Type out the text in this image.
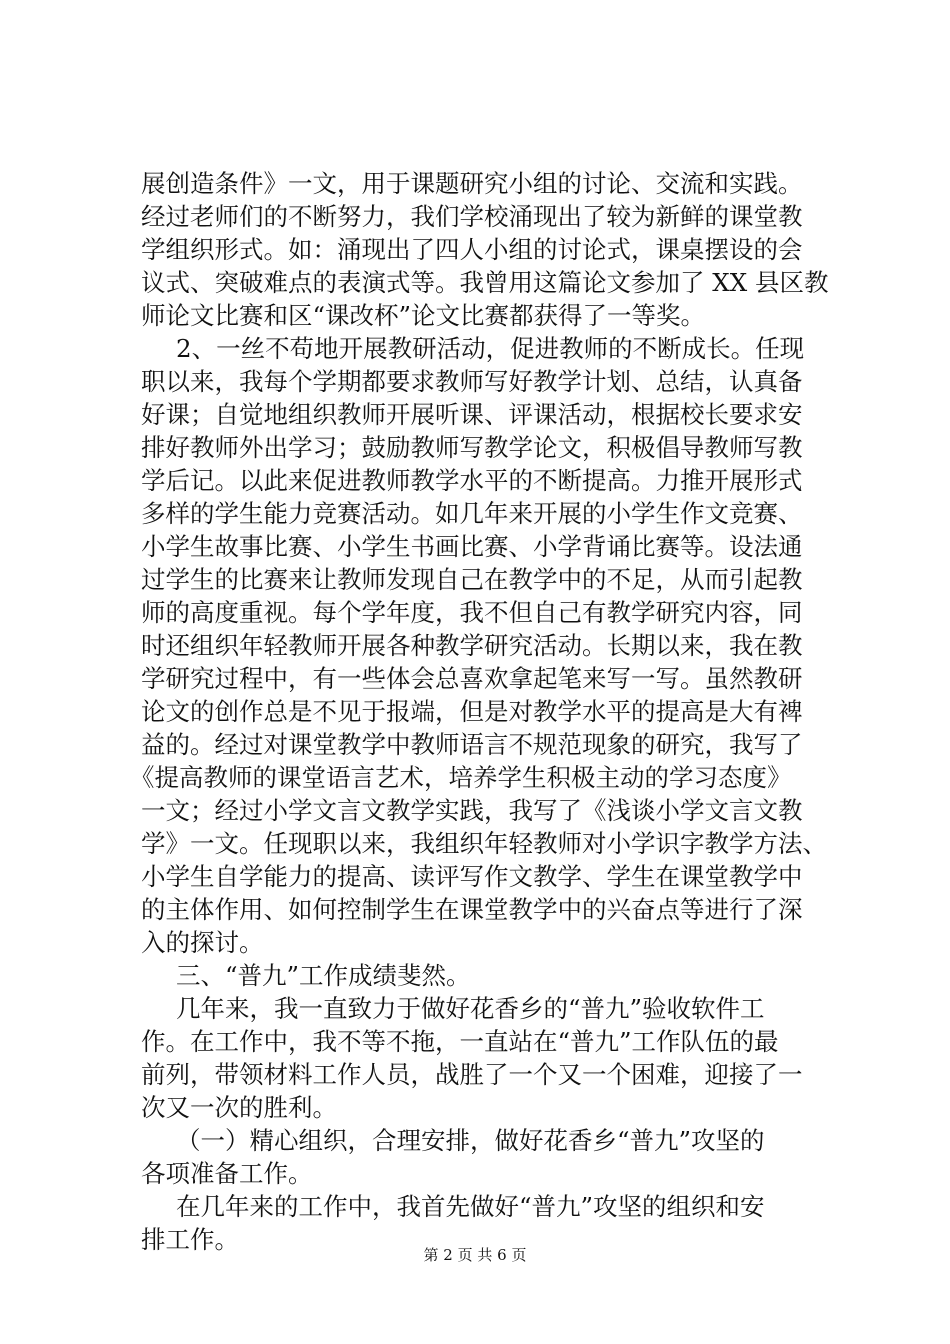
展创造条件》一文，用于课题研究小组的讨论、交流和实践。
经过老师们的不断努力，我们学校涌现出了较为新鲜的课堂教
学组织形式。如：涌现出了四人小组的讨论式，课桌摆设的会
议式、突破难点的表演式等。我曾用这篇论文参加了 XX 县区教
师论文比赛和区“课改杯”论文比赛都获得了一等奖。
2、一丝不苟地开展教研活动，促进教师的不断成长。任现
职以来，我每个学期都要求教师写好教学计划、总结，认真备
好课；自觉地组织教师开展听课、评课活动，根据校长要求安
排好教师外出学习；鼓励教师写教学论文，积极倡导教师写教
学后记。以此来促进教师教学水平的不断提高。力推开展形式
多样的学生能力竞赛活动。如几年来开展的小学生作文竞赛、
小学生故事比赛、小学生书画比赛、小学背诵比赛等。设法通
过学生的比赛来让教师发现自己在教学中的不足，从而引起教
师的高度重视。每个学年度，我不但自己有教学研究内容，同
时还组织年轻教师开展各种教学研究活动。长期以来，我在教
学研究过程中，有一些体会总喜欢拿起笔来写一写。虽然教研
论文的创作总是不见于报端，但是对教学水平的提高是大有裨
益的。经过对课堂教学中教师语言不规范现象的研究，我写了
《提高教师的课堂语言艺术，培养学生积极主动的学习态度》
一文；经过小学文言文教学实践，我写了《浅谈小学文言文教
学》一文。任现职以来，我组织年轻教师对小学识字教学方法、
小学生自学能力的提高、读评写作文教学、学生在课堂教学中
的主体作用、如何控制学生在课堂教学中的兴奋点等进行了深
入的探讨。
三、“普九”工作成绩斐然。
几年来，我一直致力于做好花香乡的“普九”验收软件工
作。在工作中，我不等不拖，一直站在“普九”工作队伍的最
前列，带领材料工作人员，战胜了一个又一个困难，迎接了一
次又一次的胜利。
（一）精心组织，合理安排，做好花香乡“普九”攻坚的
各项准备工作。
在几年来的工作中，我首先做好“普九”攻坚的组织和安
排工作。
第 2 页 共 6 页
